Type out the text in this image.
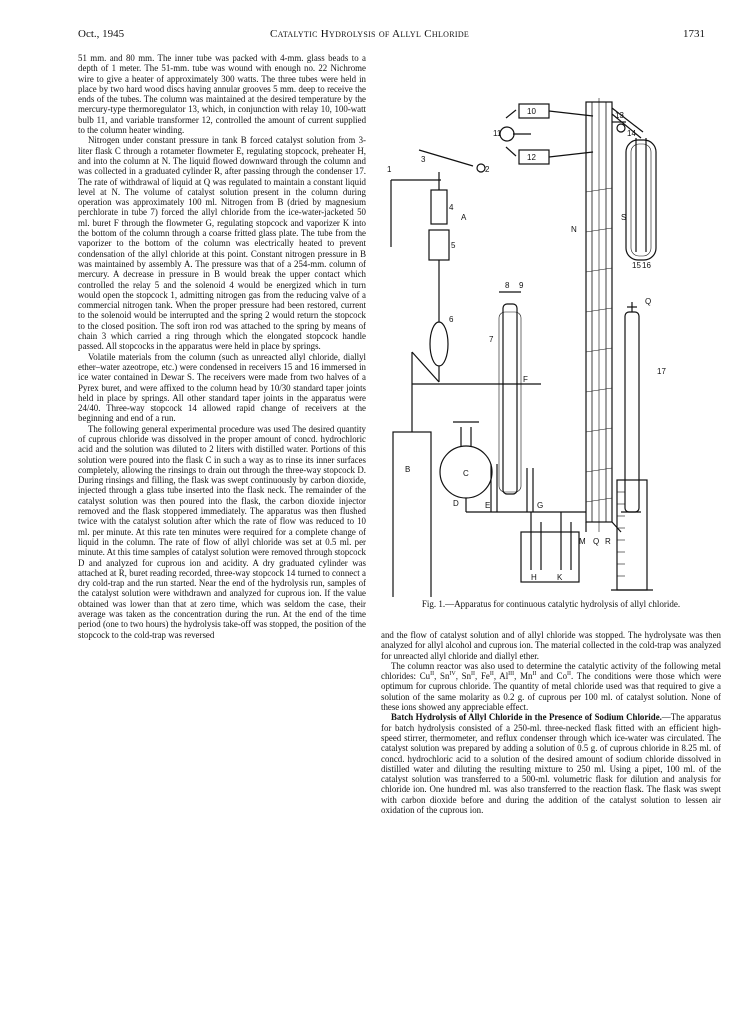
Oct., 1945	Catalytic Hydrolysis of Allyl Chloride	1731

51 mm. and 80 mm. The inner tube was packed with 4-mm. glass beads to a depth of 1 meter. The 51-mm. tube was wound with enough no. 22 Nichrome wire to give a heater of approximately 300 watts. The three tubes were held in place by two hard wood discs having annular grooves 5 mm. deep to receive the ends of the tubes. The column was maintained at the desired temperature by the mercury-type thermoregulator 13, which, in conjunction with relay 10, 100-watt bulb 11, and variable transformer 12, controlled the amount of current supplied to the column heater winding.

Nitrogen under constant pressure in tank B forced catalyst solution from 3-liter flask C through a rotameter flowmeter E, regulating stopcock, preheater H, and into the column at N. The liquid flowed downward through the column and was collected in a graduated cylinder R, after passing through the condenser 17. The rate of withdrawal of liquid at Q was regulated to maintain a constant liquid level at N. The volume of catalyst solution present in the column during operation was approximately 100 ml. Nitrogen from B (dried by magnesium perchlorate in tube 7) forced the allyl chloride from the ice-water-jacketed 50 ml. buret F through the flowmeter G, regulating stopcock and vaporizer K into the bottom of the column through a coarse fritted glass plate. The tube from the vaporizer to the bottom of the column was electrically heated to prevent condensation of the allyl chloride at this point. Constant nitrogen pressure in B was maintained by assembly A. The pressure was that of a 254-mm. column of mercury. A decrease in pressure in B would break the upper contact which controlled the relay 5 and the solenoid 4 would be energized which in turn would open the stopcock 1, admitting nitrogen gas from the reducing valve of a commercial nitrogen tank. When the proper pressure had been restored, current to the solenoid would be interrupted and the spring 2 would return the stopcock to the closed position. The soft iron rod was attached to the spring by means of chain 3 which carried a ring through which the elongated stopcock handle passed. All stopcocks in the apparatus were held in place by springs.

Volatile materials from the column (such as unreacted allyl chloride, diallyl ether–water azeotrope, etc.) were condensed in receivers 15 and 16 immersed in ice water contained in Dewar S. The receivers were made from two halves of a Pyrex buret, and were affixed to the column head by 10/30 standard taper joints held in place by springs. All other standard taper joints in the apparatus were 24/40. Three-way stopcock 14 allowed rapid change of receivers at the beginning and end of a run.

The following general experimental procedure was used The desired quantity of cuprous chloride was dissolved in the proper amount of concd. hydrochloric acid and the solution was diluted to 2 liters with distilled water. Portions of this solution were poured into the flask C in such a way as to rinse its inner surfaces completely, allowing the rinsings to drain out through the three-way stopcock D. During rinsings and filling, the flask was swept continuously by carbon dioxide, injected through a glass tube inserted into the flask neck. The remainder of the catalyst solution was then poured into the flask, the carbon dioxide injector removed and the flask stoppered immediately. The apparatus was then flushed twice with the catalyst solution after which the rate of flow was reduced to 10 ml. per minute. At this rate ten minutes were required for a complete change of liquid in the column. The rate of flow of allyl chloride was set at 0.5 ml. per minute. At this time samples of catalyst solution were removed through stopcock D and analyzed for cuprous ion and acidity. A dry graduated cylinder was attached at R, buret reading recorded, three-way stopcock 14 turned to connect a dry cold-trap and the run started. Near the end of the hydrolysis run, samples of the catalyst solution were withdrawn and analyzed for cuprous ion. If the value obtained was lower than that at zero time, which was seldom the case, their average was taken as the concentration during the run. At the end of the time period (one to two hours) the hydrolysis take-off was stopped, the position of the stopcock to the cold-trap was reversed

10
11
12
13
14
15 16
S
N
1	2
3
4
A
5
6
7
8 9
F
B	C
D	E	G
H	K
M Q
Q
17
R
Fig. 1.—Apparatus for continuous catalytic hydrolysis of allyl chloride.

and the flow of catalyst solution and of allyl chloride was stopped. The hydrolysate was then analyzed for allyl alcohol and cuprous ion. The material collected in the cold-trap was analyzed for unreacted allyl chloride and diallyl ether.

The column reactor was also used to determine the catalytic activity of the following metal chlorides: $Cu^{II}$, $Sn^{IV}$, $Sn^{II}$, $Fe^{II}$, $Al^{III}$, $Mn^{II}$ and $Co^{II}$. The conditions were those which were optimum for cuprous chloride. The quantity of metal chloride used was that required to give a solution of the same molarity as 0.2 g. of cuprous per 100 ml. of catalyst solution. None of these ions showed any appreciable effect.

Batch Hydrolysis of Allyl Chloride in the Presence of Sodium Chloride.—The apparatus for batch hydrolysis consisted of a 250-ml. three-necked flask fitted with an efficient high-speed stirrer, thermometer, and reflux condenser through which ice-water was circulated. The catalyst solution was prepared by adding a solution of 0.5 g. of cuprous chloride in 8.25 ml. of concd. hydrochloric acid to a solution of the desired amount of sodium chloride dissolved in distilled water and diluting the resulting mixture to 250 ml. Using a pipet, 100 ml. of the catalyst solution was transferred to a 500-ml. volumetric flask for dilution and analysis for chloride ion. One hundred ml. was also transferred to the reaction flask. The flask was swept with carbon dioxide before and during the addition of the catalyst solution to lessen air oxidation of the cuprous ion.
